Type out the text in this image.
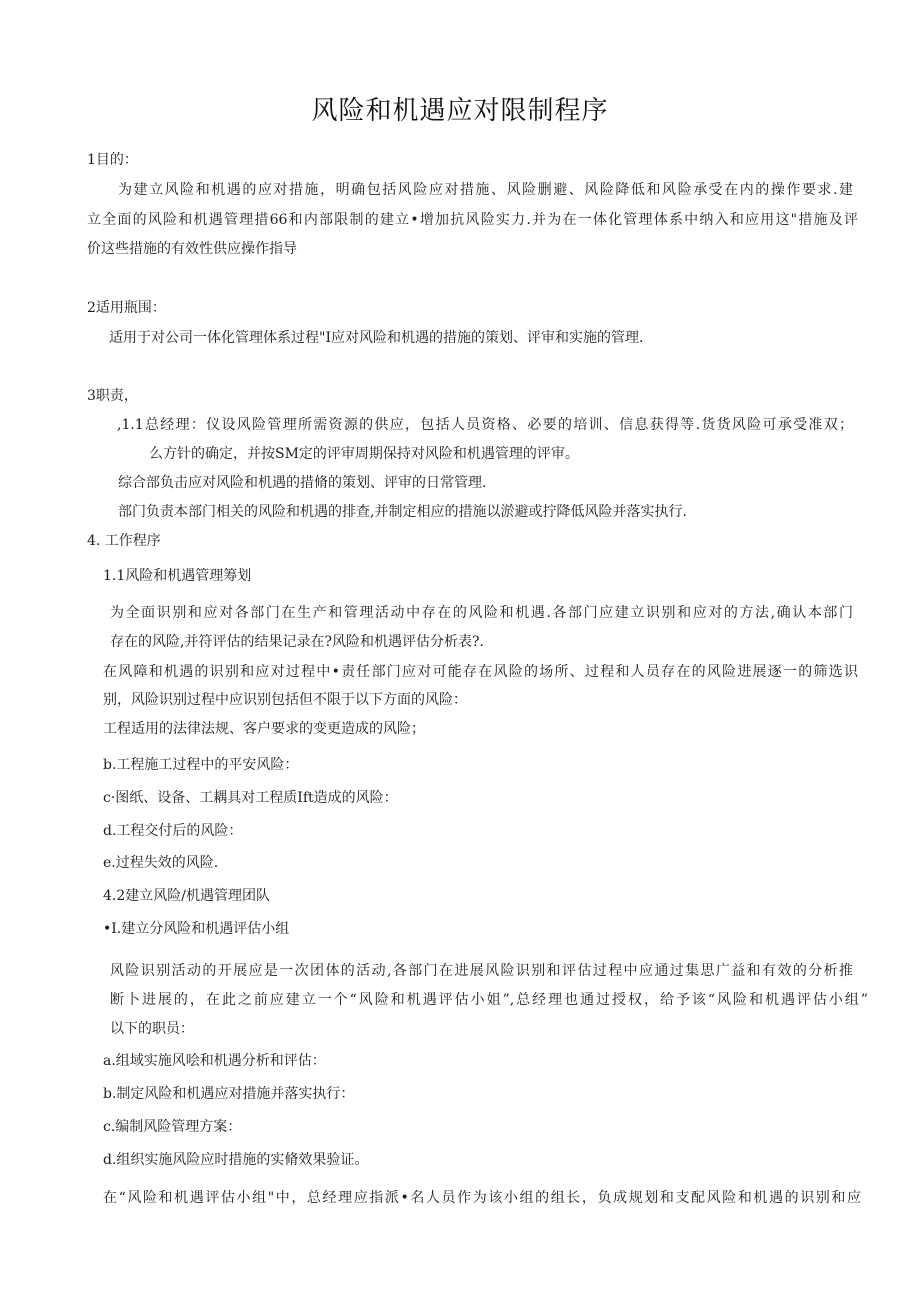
风险和机遇应对限制程序
1目的：
为建立风险和机遇的应对措施，明确包括风险应对措施、风险删避、风险降低和风险承受在内的操作要求.建
立全面的风险和机遇管理措66和内部限制的建立•增加抗风险实力.并为在一体化管理体系中纳入和应用这"措施及评
价这些措施的有效性供应操作指导
2适用瓶围：
适用于对公司一体化管理体系过程"I应对风险和机遇的措施的策划、评审和实施的管理.
3职责，
,1.1总经理：仪设风险管理所需资源的供应，包括人员资格、必要的培训、信息获得等.货货风险可承受准双；
么方针的确定，并按SM定的评审周期保持对风险和机遇管理的评审。
综合部负击应对风险和机遇的措脩的策划、评审的日常管理.
部门负责本部门相关的风险和机遇的排查,并制定相应的措施以淤避或拧降低风险并落实执行.
4. 工作程序
1.1风险和机遇管理筹划
为全面识别和应对各部门在生产和管理活动中存在的风险和机遇.各部门应建立识别和应对的方法,确认本部门
存在的风险,并符评估的结果记录在?风险和机遇评估分析表?.
在风障和机遇的识别和应对过程中•责任部门应对可能存在风险的场所、过程和人员存在的风险进展逐一的筛选识
别，风险识别过程中应识别包括但不限于以下方面的风险：
工程适用的法律法规、客户要求的变更造成的风险；
b.工程施工过程中的平安风险：
c·图纸、设备、工耦具对工程质Ift造成的风险：
d.工程交付后的风险：
e.过程失效的风险.
4.2建立风险/机遇管理团队
•I.建立分风险和机遇评估小组
风险识别活动的开展应是一次团体的活动,各部门在进展风险识别和评估过程中应通过集思广益和有效的分析推
断卜进展的，在此之前应建立一个“风险和机遇评估小姐”,总经理也通过授权，给予该“风险和机遇评估小组”
以下的职员：
a.组域实施风哙和机遇分析和评估：
b.制定风险和机遇应对措施并落实执行：
c.编制风险管理方案：
d.组织实施风险应时措施的实脩效果验证。
在“风险和机遇评估小组"中，总经理应指派•名人员作为该小组的组长，负成规划和支配风险和机遇的识别和应
